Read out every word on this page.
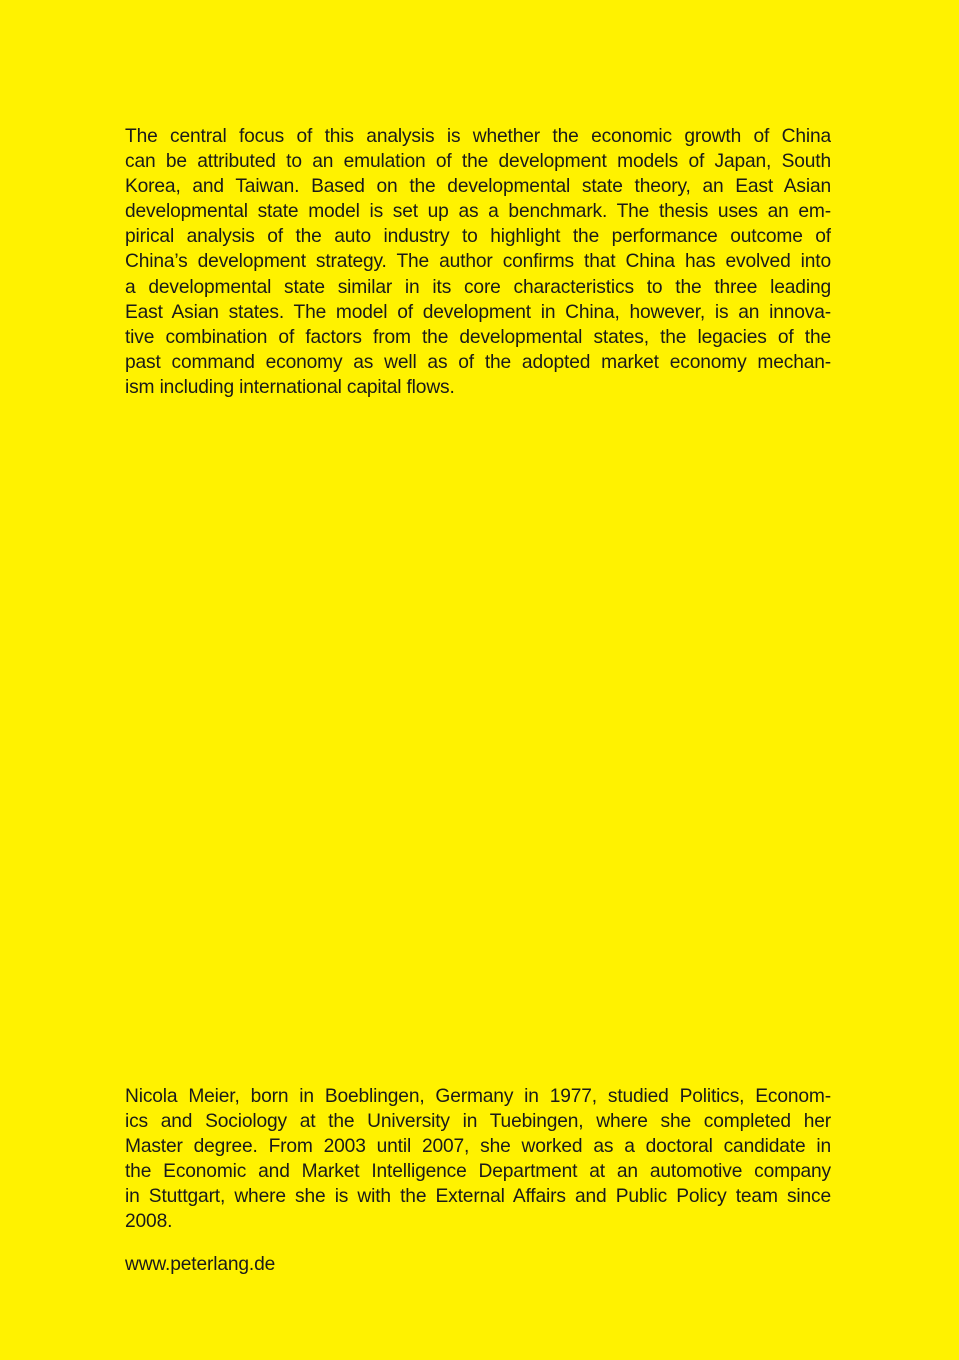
The central focus of this analysis is whether the economic growth of China
can be attributed to an emulation of the development models of Japan, South
Korea, and Taiwan. Based on the developmental state theory, an East Asian
developmental state model is set up as a benchmark. The thesis uses an em-
pirical analysis of the auto industry to highlight the performance outcome of
China’s development strategy. The author confirms that China has evolved into
a developmental state similar in its core characteristics to the three leading
East Asian states. The model of development in China, however, is an innova-
tive combination of factors from the developmental states, the legacies of the
past command economy as well as of the adopted market economy mechan-
ism including international capital flows.
Nicola Meier, born in Boeblingen, Germany in 1977, studied Politics, Econom-
ics and Sociology at the University in Tuebingen, where she completed her
Master degree. From 2003 until 2007, she worked as a doctoral candidate in
the Economic and Market Intelligence Department at an automotive company
in Stuttgart, where she is with the External Affairs and Public Policy team since
2008.
www.peterlang.de
